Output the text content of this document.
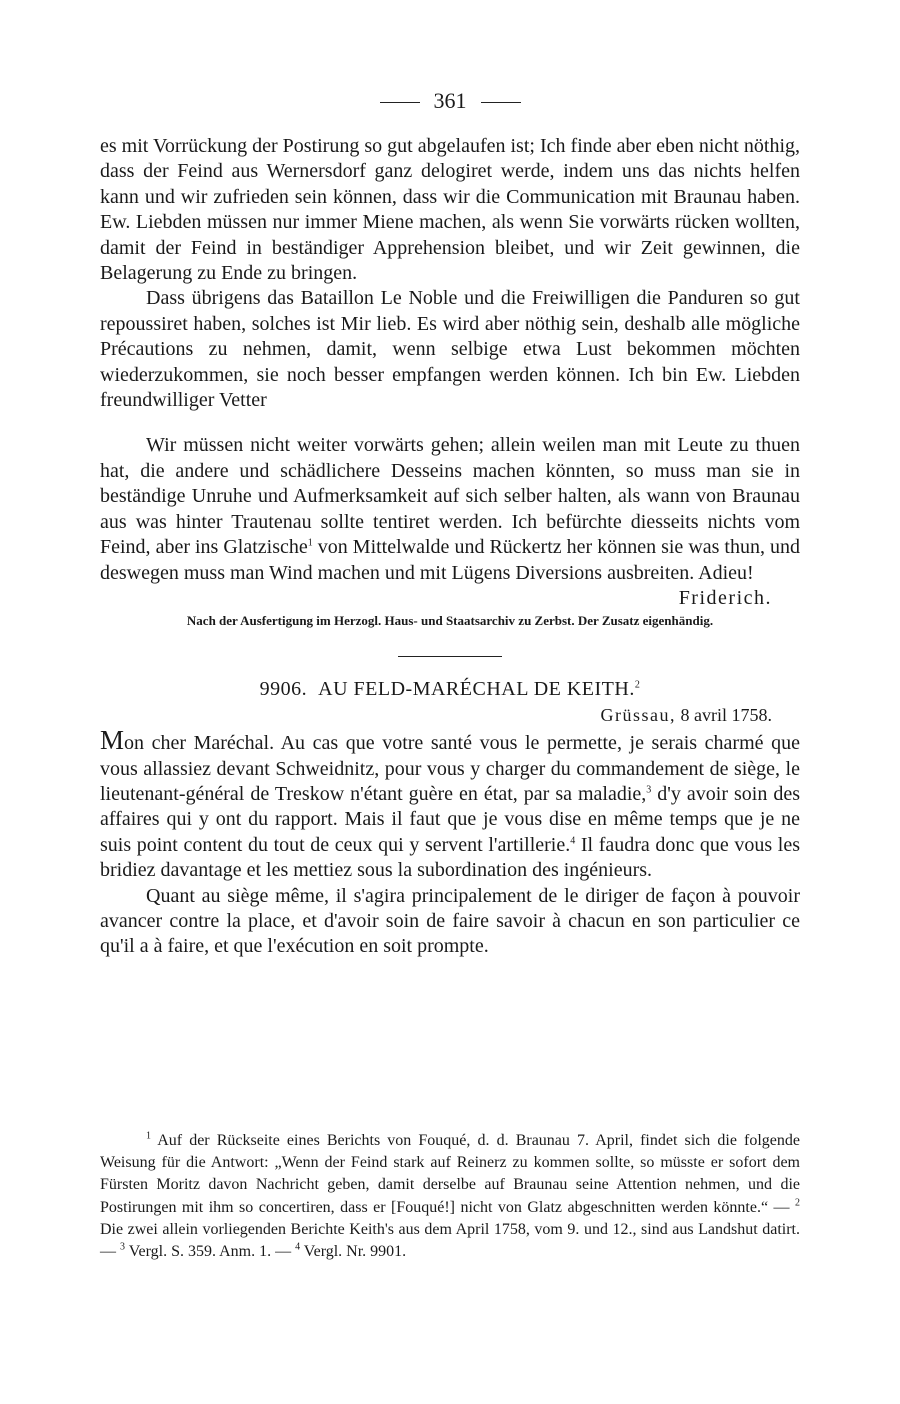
361

es mit Vorrückung der Postirung so gut abgelaufen ist; Ich finde aber eben nicht nöthig, dass der Feind aus Wernersdorf ganz delogiret werde, indem uns das nichts helfen kann und wir zufrieden sein können, dass wir die Communication mit Braunau haben. Ew. Liebden müssen nur immer Miene machen, als wenn Sie vorwärts rücken wollten, damit der Feind in beständiger Apprehension bleibet, und wir Zeit gewinnen, die Belagerung zu Ende zu bringen.

Dass übrigens das Bataillon Le Noble und die Freiwilligen die Panduren so gut repoussiret haben, solches ist Mir lieb. Es wird aber nöthig sein, deshalb alle mögliche Précautions zu nehmen, damit, wenn selbige etwa Lust bekommen möchten wiederzukommen, sie noch besser empfangen werden können. Ich bin Ew. Liebden freundwilliger Vetter

Wir müssen nicht weiter vorwärts gehen; allein weilen man mit Leute zu thuen hat, die andere und schädlichere Desseins machen könnten, so muss man sie in beständige Unruhe und Aufmerksamkeit auf sich selber halten, als wann von Braunau aus was hinter Trautenau sollte tentiret werden. Ich befürchte diesseits nichts vom Feind, aber ins Glatzische$^1$ von Mittelwalde und Rückertz her können sie was thun, und deswegen muss man Wind machen und mit Lügens Diversions ausbreiten. Adieu!

Friderich.

Nach der Ausfertigung im Herzogl. Haus- und Staatsarchiv zu Zerbst. Der Zusatz eigenhändig.

9906. AU FELD-MARÉCHAL DE KEITH.$^2$

Grüssau, 8 avril 1758.

Mon cher Maréchal. Au cas que votre santé vous le permette, je serais charmé que vous allassiez devant Schweidnitz, pour vous y charger du commandement de siège, le lieutenant-général de Treskow n'étant guère en état, par sa maladie,$^3$ d'y avoir soin des affaires qui y ont du rapport. Mais il faut que je vous dise en même temps que je ne suis point content du tout de ceux qui y servent l'artillerie.$^4$ Il faudra donc que vous les bridiez davantage et les mettiez sous la subordination des ingénieurs.

Quant au siège même, il s'agira principalement de le diriger de façon à pouvoir avancer contre la place, et d'avoir soin de faire savoir à chacun en son particulier ce qu'il a à faire, et que l'exécution en soit prompte.

$^1$ Auf der Rückseite eines Berichts von Fouqué, d. d. Braunau 7. April, findet sich die folgende Weisung für die Antwort: „Wenn der Feind stark auf Reinerz zu kommen sollte, so müsste er sofort dem Fürsten Moritz davon Nachricht geben, damit derselbe auf Braunau seine Attention nehmen, und die Postirungen mit ihm so concertiren, dass er [Fouqué!] nicht von Glatz abgeschnitten werden könnte.“ — $^2$ Die zwei allein vorliegenden Berichte Keith's aus dem April 1758, vom 9. und 12., sind aus Landshut datirt. — $^3$ Vergl. S. 359. Anm. 1. — $^4$ Vergl. Nr. 9901.
